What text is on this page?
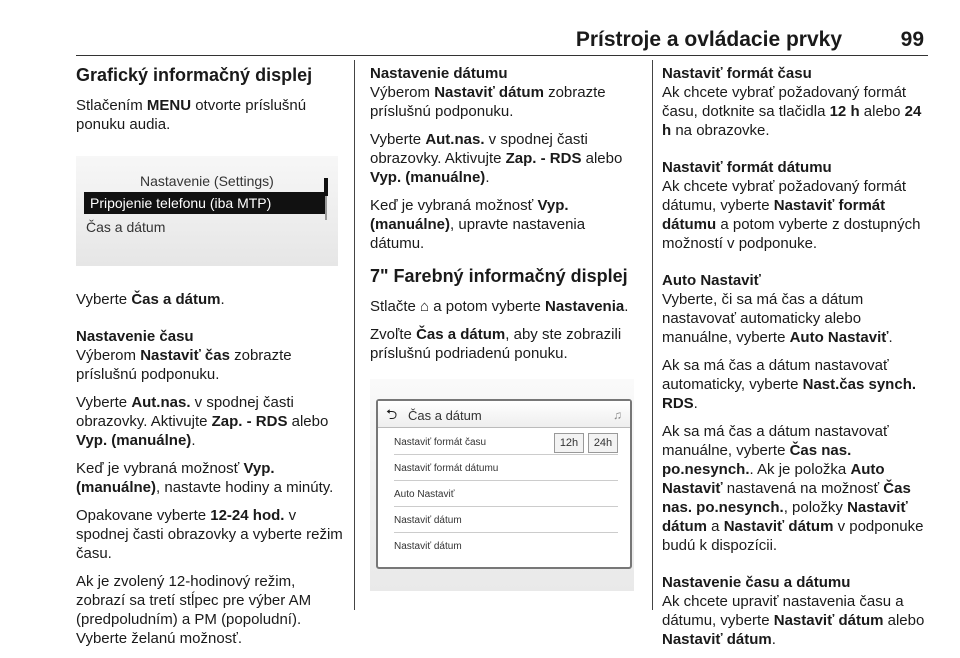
Prístroje a ovládacie prvky	99
Grafický informačný displej

Stlačením MENU otvorte príslušnú ponuku audia.

Nastavenie (Settings)
Pripojenie telefonu (iba MTP)
Čas a dátum

Vyberte Čas a dátum.

Nastavenie času
Výberom Nastaviť čas zobrazte príslušnú podponuku.

Vyberte Aut.nas. v spodnej časti obrazovky. Aktivujte Zap. - RDS alebo Vyp. (manuálne).

Keď je vybraná možnosť Vyp. (manuálne), nastavte hodiny a minúty.

Opakovane vyberte 12-24 hod. v spodnej časti obrazovky a vyberte režim času.

Ak je zvolený 12-hodinový režim, zobrazí sa tretí stĺpec pre výber AM (predpoludním) a PM (popoludní). Vyberte želanú možnosť.

Nastavenie dátumu
Výberom Nastaviť dátum zobrazte príslušnú podponuku.

Vyberte Aut.nas. v spodnej časti obrazovky. Aktivujte Zap. - RDS alebo Vyp. (manuálne).

Keď je vybraná možnosť Vyp. (manuálne), upravte nastavenia dátumu.

7" Farebný informačný displej

Stlačte ⌂ a potom vyberte Nastavenia.

Zvoľte Čas a dátum, aby ste zobrazili príslušnú podriadenú ponuku.

⮌ Čas a dátum	♫
Nastaviť formát času	12h	24h
Nastaviť formát dátumu
Auto Nastaviť
Nastaviť dátum
Nastaviť dátum

Nastaviť formát času
Ak chcete vybrať požadovaný formát času, dotknite sa tlačidla 12 h alebo 24 h na obrazovke.

Nastaviť formát dátumu
Ak chcete vybrať požadovaný formát dátumu, vyberte Nastaviť formát dátumu a potom vyberte z dostupných možností v podponuke.

Auto Nastaviť
Vyberte, či sa má čas a dátum nastavovať automaticky alebo manuálne, vyberte Auto Nastaviť.

Ak sa má čas a dátum nastavovať automaticky, vyberte Nast.čas synch. RDS.

Ak sa má čas a dátum nastavovať manuálne, vyberte Čas nas. po.nesynch.. Ak je položka Auto Nastaviť nastavená na možnosť Čas nas. po.nesynch., položky Nastaviť dátum a Nastaviť dátum v podponuke budú k dispozícii.

Nastavenie času a dátumu
Ak chcete upraviť nastavenia času a dátumu, vyberte Nastaviť dátum alebo Nastaviť dátum.
